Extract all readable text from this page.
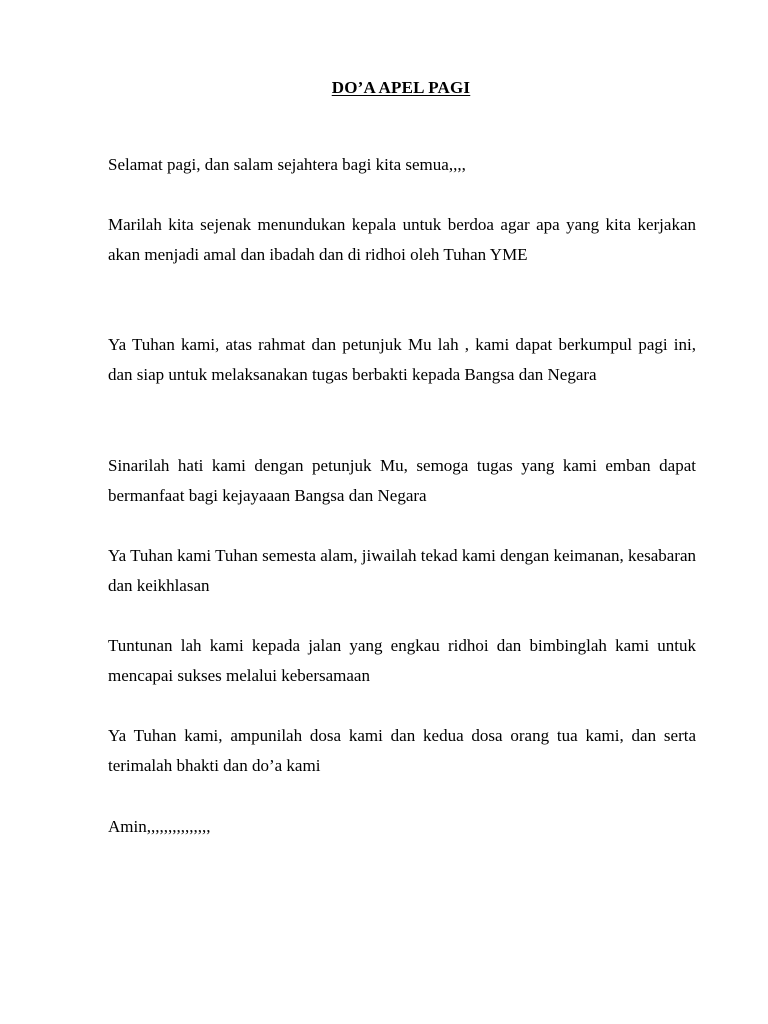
DO’A APEL PAGI

Selamat pagi, dan salam sejahtera bagi kita semua,,,,

Marilah kita sejenak menundukan kepala untuk berdoa agar apa yang kita kerjakan akan menjadi amal dan ibadah dan di ridhoi oleh Tuhan YME

Ya Tuhan kami, atas rahmat dan petunjuk Mu lah , kami dapat berkumpul pagi ini, dan siap untuk melaksanakan tugas berbakti kepada Bangsa dan Negara

Sinarilah hati kami dengan petunjuk Mu, semoga tugas yang kami emban dapat bermanfaat bagi kejayaaan Bangsa dan Negara

Ya Tuhan kami Tuhan semesta alam, jiwailah tekad kami dengan keimanan, kesabaran dan keikhlasan

Tuntunan lah kami kepada jalan yang engkau ridhoi dan bimbinglah kami untuk mencapai sukses melalui kebersamaan

Ya Tuhan kami, ampunilah dosa kami dan kedua dosa orang tua kami, dan serta terimalah bhakti dan do’a kami

Amin,,,,,,,,,,,,,,,
